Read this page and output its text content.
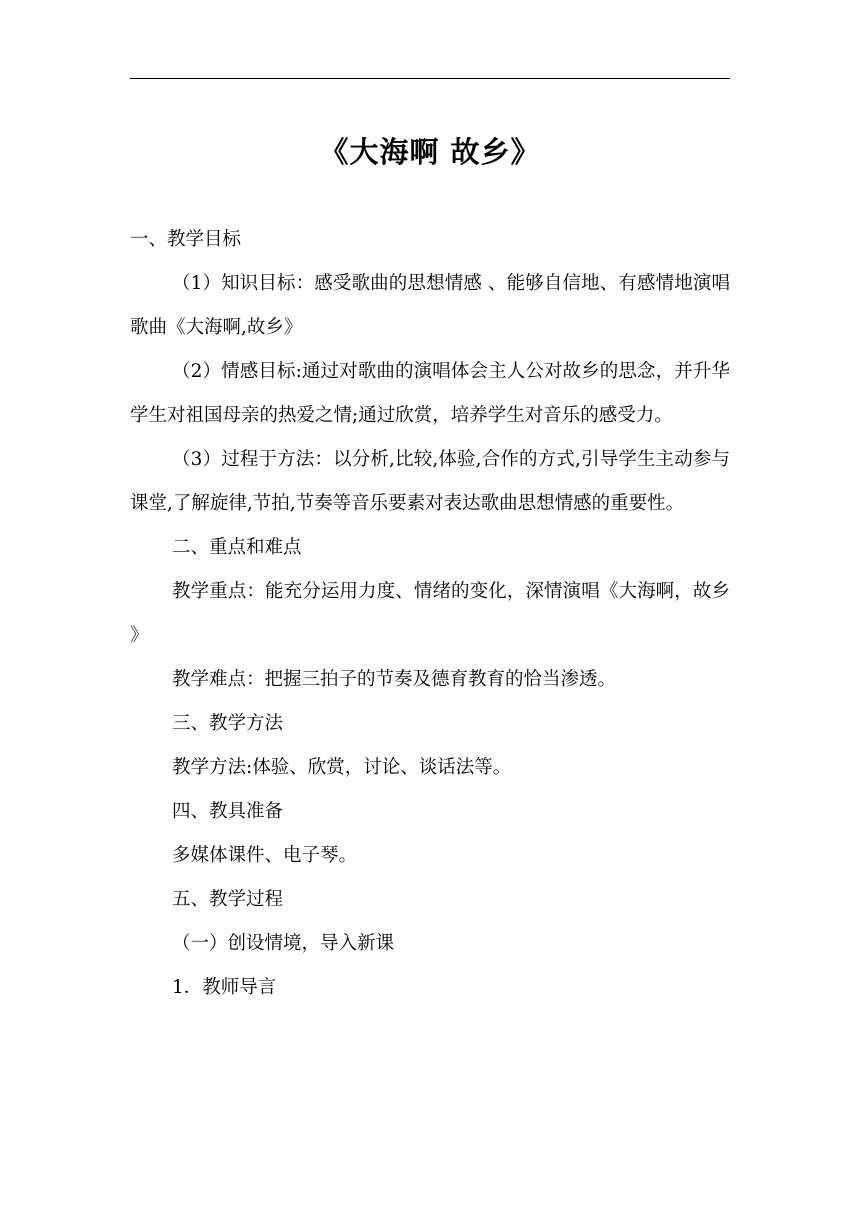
《大海啊 故乡》

一、教学目标

（1）知识目标：感受歌曲的思想情感 、能够自信地、有感情地演唱歌曲《大海啊,故乡》

（2）情感目标:通过对歌曲的演唱体会主人公对故乡的思念，并升华学生对祖国母亲的热爱之情;通过欣赏，培养学生对音乐的感受力。

（3）过程于方法：以分析,比较,体验,合作的方式,引导学生主动参与课堂,了解旋律,节拍,节奏等音乐要素对表达歌曲思想情感的重要性。

二、重点和难点

教学重点：能充分运用力度、情绪的变化，深情演唱《大海啊，故乡》

教学难点：把握三拍子的节奏及德育教育的恰当渗透。

三、教学方法

教学方法:体验、欣赏，讨论、谈话法等。

四、教具准备

多媒体课件、电子琴。

五、教学过程

（一）创设情境，导入新课

1．教师导言
